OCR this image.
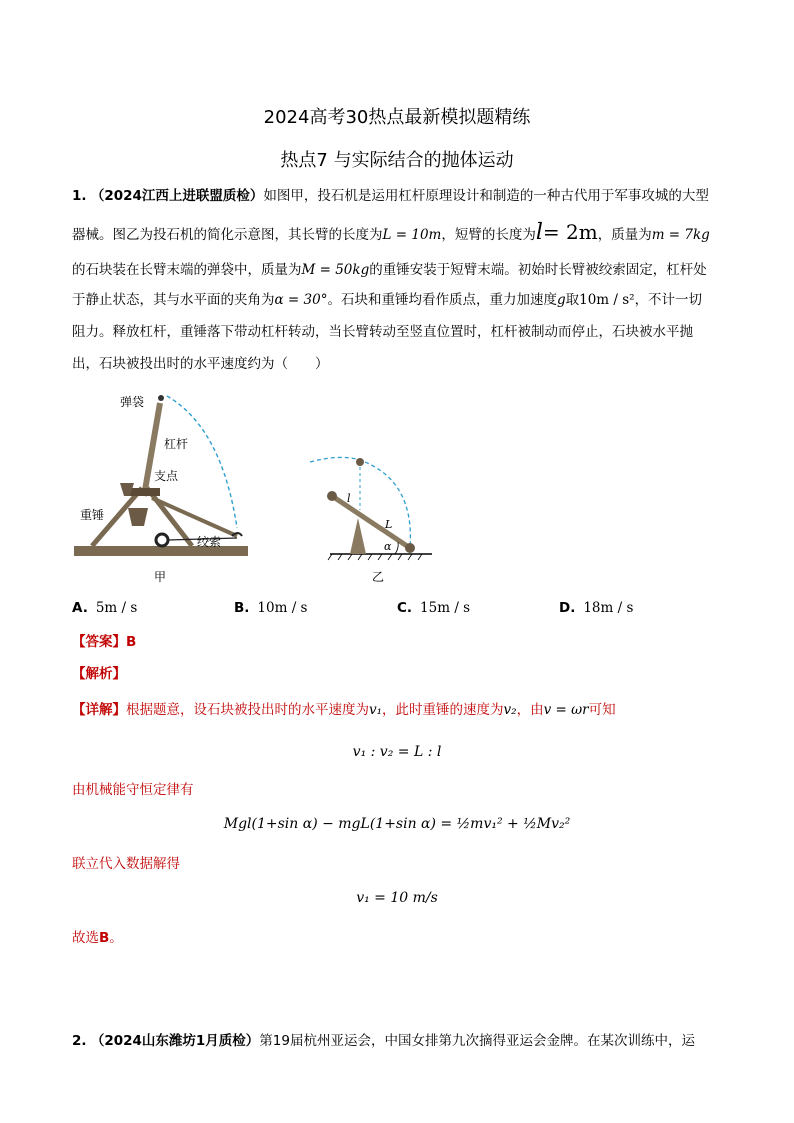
2024高考30热点最新模拟题精练
热点7 与实际结合的抛体运动
1. （2024江西上进联盟质检）如图甲，投石机是运用杠杆原理设计和制造的一种古代用于军事攻城的大型
器械。图乙为投石机的简化示意图，其长臂的长度为L = 10m，短臂的长度为l= 2m，质量为m = 7kg
的石块装在长臂末端的弹袋中，质量为M = 50kg的重锤安装于短臂末端。初始时长臂被绞索固定，杠杆处
于静止状态，其与水平面的夹角为α = 30°。石块和重锤均看作质点，重力加速度g取10m / s²，不计一切
阻力。释放杠杆，重锤落下带动杠杆转动，当长臂转动至竖直位置时，杠杆被制动而停止，石块被水平抛
出，石块被投出时的水平速度约为（　　）
弹袋
杠杆
支点
重锤
绞索
甲
l
L
α
乙
A. 5m / s	B. 10m / s	C. 15m / s	D. 18m / s
【答案】B
【解析】
【详解】根据题意，设石块被投出时的水平速度为v₁，此时重锤的速度为v₂，由v = ωr可知
v₁ : v₂ = L : l
由机械能守恒定律有
Mgl(1+sin α) − mgL(1+sin α) = ½mv₁² + ½Mv₂²
联立代入数据解得
v₁ = 10 m/s
故选B。
2. （2024山东潍坊1月质检）第19届杭州亚运会，中国女排第九次摘得亚运会金牌。在某次训练中，运
